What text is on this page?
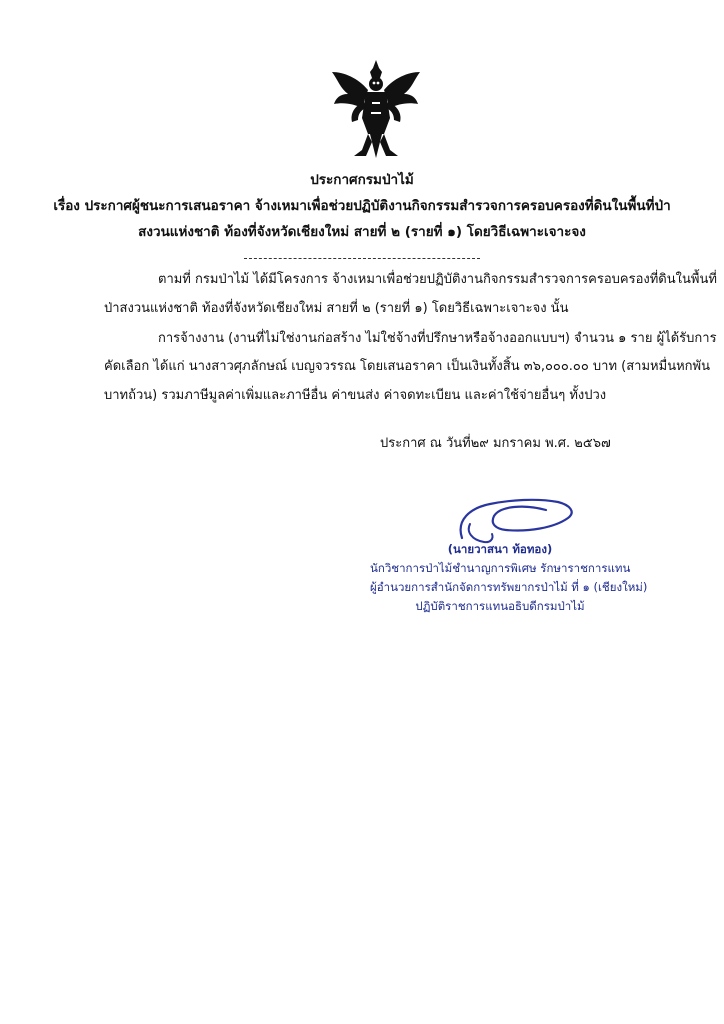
ประกาศกรมป่าไม้

เรื่อง ประกาศผู้ชนะการเสนอราคา จ้างเหมาเพื่อช่วยปฏิบัติงานกิจกรรมสำรวจการครอบครองที่ดินในพื้นที่ป่า

สงวนแห่งชาติ ท้องที่จังหวัดเชียงใหม่ สายที่ ๒ (รายที่ ๑) โดยวิธีเฉพาะเจาะจง

ตามที่ กรมป่าไม้ ได้มีโครงการ จ้างเหมาเพื่อช่วยปฏิบัติงานกิจกรรมสำรวจการครอบครองที่ดินในพื้นที่

ป่าสงวนแห่งชาติ ท้องที่จังหวัดเชียงใหม่ สายที่ ๒ (รายที่ ๑) โดยวิธีเฉพาะเจาะจง นั้น

การจ้างงาน (งานที่ไม่ใช่งานก่อสร้าง ไม่ใช่จ้างที่ปรึกษาหรือจ้างออกแบบฯ) จำนวน ๑ ราย ผู้ได้รับการ

คัดเลือก ได้แก่ นางสาวศุภลักษณ์ เบญจวรรณ โดยเสนอราคา เป็นเงินทั้งสิ้น ๓๖,๐๐๐.๐๐ บาท (สามหมื่นหกพัน

บาทถ้วน) รวมภาษีมูลค่าเพิ่มและภาษีอื่น ค่าขนส่ง ค่าจดทะเบียน และค่าใช้จ่ายอื่นๆ ทั้งปวง

ประกาศ ณ วันที่๒๙ มกราคม พ.ศ. ๒๕๖๗
(นายวาสนา ท้อทอง)
นักวิชาการป่าไม้ชำนาญการพิเศษ รักษาราชการแทน
ผู้อำนวยการสำนักจัดการทรัพยากรป่าไม้ ที่ ๑ (เชียงใหม่)
ปฏิบัติราชการแทนอธิบดีกรมป่าไม้
